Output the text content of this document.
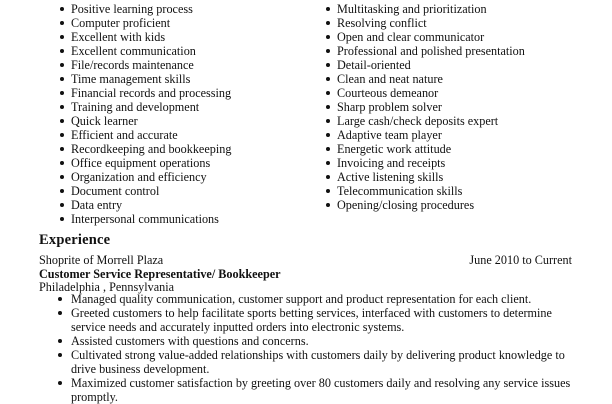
Positive learning process
Computer proficient
Excellent with kids
Excellent communication
File/records maintenance
Time management skills
Financial records and processing
Training and development
Quick learner
Efficient and accurate
Recordkeeping and bookkeeping
Office equipment operations
Organization and efficiency
Document control
Data entry
Interpersonal communications
Multitasking and prioritization
Resolving conflict
Open and clear communicator
Professional and polished presentation
Detail-oriented
Clean and neat nature
Courteous demeanor
Sharp problem solver
Large cash/check deposits expert
Adaptive team player
Energetic work attitude
Invoicing and receipts
Active listening skills
Telecommunication skills
Opening/closing procedures
Experience
Shoprite of Morrell Plaza	June 2010 to Current
Customer Service Representative/ Bookkeeper
Philadelphia , Pennsylvania
Managed quality communication, customer support and product representation for each client.
Greeted customers to help facilitate sports betting services, interfaced with customers to determine service needs and accurately inputted orders into electronic systems.
Assisted customers with questions and concerns.
Cultivated strong value-added relationships with customers daily by delivering product knowledge to drive business development.
Maximized customer satisfaction by greeting over 80 customers daily and resolving any service issues promptly.
